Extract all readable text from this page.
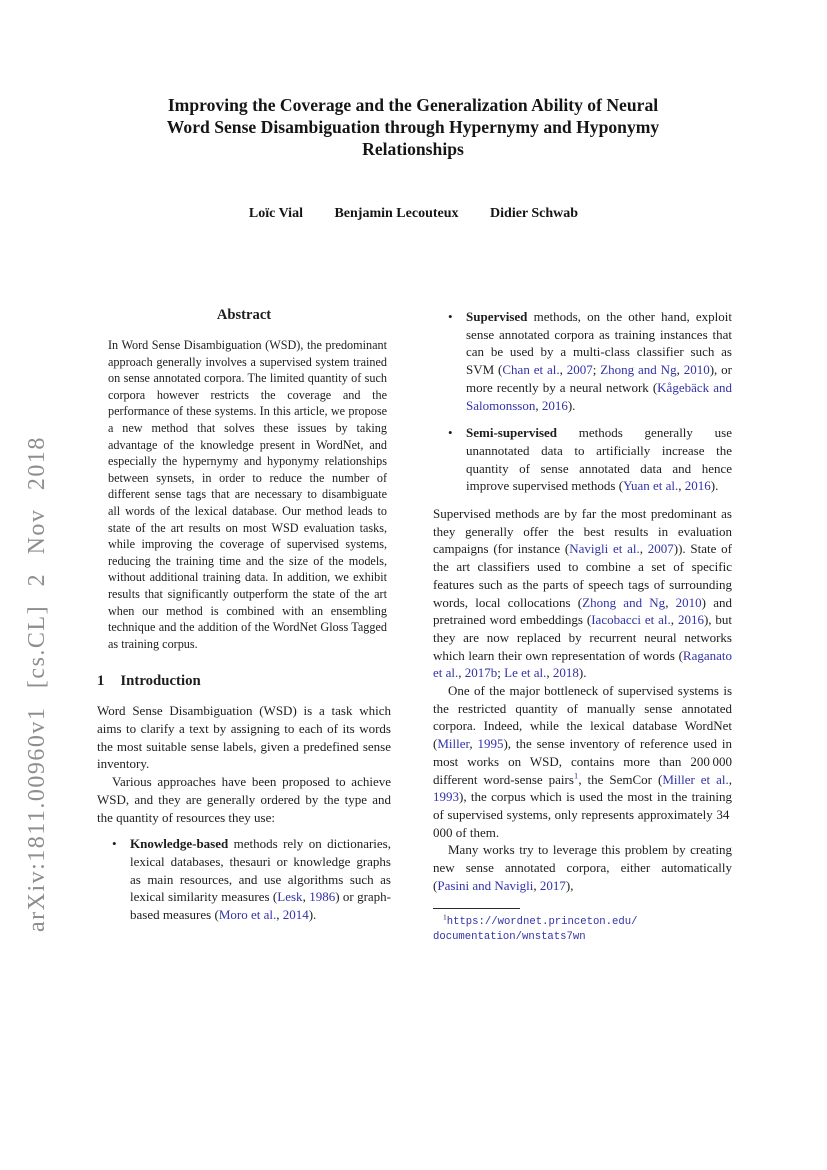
arXiv:1811.00960v1 [cs.CL] 2 Nov 2018
Improving the Coverage and the Generalization Ability of Neural Word Sense Disambiguation through Hypernymy and Hyponymy Relationships
Loïc Vial Benjamin Lecouteux Didier Schwab
Abstract
In Word Sense Disambiguation (WSD), the predominant approach generally involves a supervised system trained on sense annotated corpora. The limited quantity of such corpora however restricts the coverage and the performance of these systems. In this article, we propose a new method that solves these issues by taking advantage of the knowledge present in WordNet, and especially the hypernymy and hyponymy relationships between synsets, in order to reduce the number of different sense tags that are necessary to disambiguate all words of the lexical database. Our method leads to state of the art results on most WSD evaluation tasks, while improving the coverage of supervised systems, reducing the training time and the size of the models, without additional training data. In addition, we exhibit results that significantly outperform the state of the art when our method is combined with an ensembling technique and the addition of the WordNet Gloss Tagged as training corpus.
1 Introduction

Word Sense Disambiguation (WSD) is a task which aims to clarify a text by assigning to each of its words the most suitable sense labels, given a predefined sense inventory.

Various approaches have been proposed to achieve WSD, and they are generally ordered by the type and the quantity of resources they use:

•	Knowledge-based methods rely on dictionaries, lexical databases, thesauri or knowledge graphs as main resources, and use algorithms such as lexical similarity measures (Lesk, 1986) or graph-based measures (Moro et al., 2014).
•	Supervised methods, on the other hand, exploit sense annotated corpora as training instances that can be used by a multi-class classifier such as SVM (Chan et al., 2007; Zhong and Ng, 2010), or more recently by a neural network (Kågebäck and Salomonsson, 2016).
•	Semi-supervised methods generally use unannotated data to artificially increase the quantity of sense annotated data and hence improve supervised methods (Yuan et al., 2016).

Supervised methods are by far the most predominant as they generally offer the best results in evaluation campaigns (for instance (Navigli et al., 2007)). State of the art classifiers used to combine a set of specific features such as the parts of speech tags of surrounding words, local collocations (Zhong and Ng, 2010) and pretrained word embeddings (Iacobacci et al., 2016), but they are now replaced by recurrent neural networks which learn their own representation of words (Raganato et al., 2017b; Le et al., 2018).

One of the major bottleneck of supervised systems is the restricted quantity of manually sense annotated corpora. Indeed, while the lexical database WordNet (Miller, 1995), the sense inventory of reference used in most works on WSD, contains more than 200 000 different word-sense pairs$^1$, the SemCor (Miller et al., 1993), the corpus which is used the most in the training of supervised systems, only represents approximately 34 000 of them.

Many works try to leverage this problem by creating new sense annotated corpora, either automatically (Pasini and Navigli, 2017),

$^1$https://wordnet.princeton.edu/
documentation/wnstats7wn
